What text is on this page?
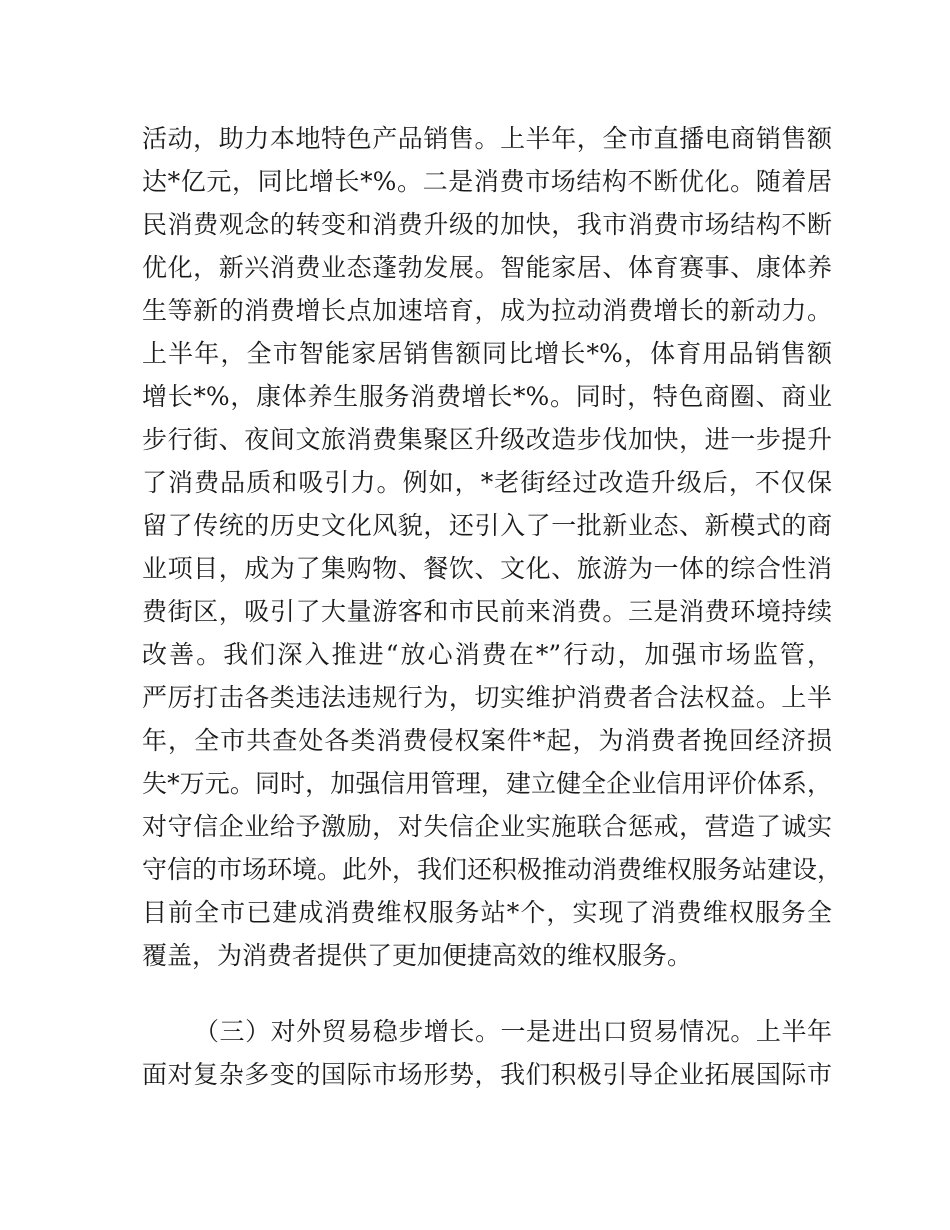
活动，助力本地特色产品销售。上半年，全市直播电商销售额
达*亿元，同比增长*%。二是消费市场结构不断优化。随着居
民消费观念的转变和消费升级的加快，我市消费市场结构不断
优化，新兴消费业态蓬勃发展。智能家居、体育赛事、康体养
生等新的消费增长点加速培育，成为拉动消费增长的新动力。
上半年，全市智能家居销售额同比增长*%，体育用品销售额
增长*%，康体养生服务消费增长*%。同时，特色商圈、商业
步行街、夜间文旅消费集聚区升级改造步伐加快，进一步提升
了消费品质和吸引力。例如，*老街经过改造升级后，不仅保
留了传统的历史文化风貌，还引入了一批新业态、新模式的商
业项目，成为了集购物、餐饮、文化、旅游为一体的综合性消
费街区，吸引了大量游客和市民前来消费。三是消费环境持续
改善。我们深入推进“放心消费在*”行动，加强市场监管，
严厉打击各类违法违规行为，切实维护消费者合法权益。上半
年，全市共查处各类消费侵权案件*起，为消费者挽回经济损
失*万元。同时，加强信用管理，建立健全企业信用评价体系，
对守信企业给予激励，对失信企业实施联合惩戒，营造了诚实
守信的市场环境。此外，我们还积极推动消费维权服务站建设，
目前全市已建成消费维权服务站*个，实现了消费维权服务全
覆盖，为消费者提供了更加便捷高效的维权服务。
（三）对外贸易稳步增长。一是进出口贸易情况。上半年
面对复杂多变的国际市场形势，我们积极引导企业拓展国际市
